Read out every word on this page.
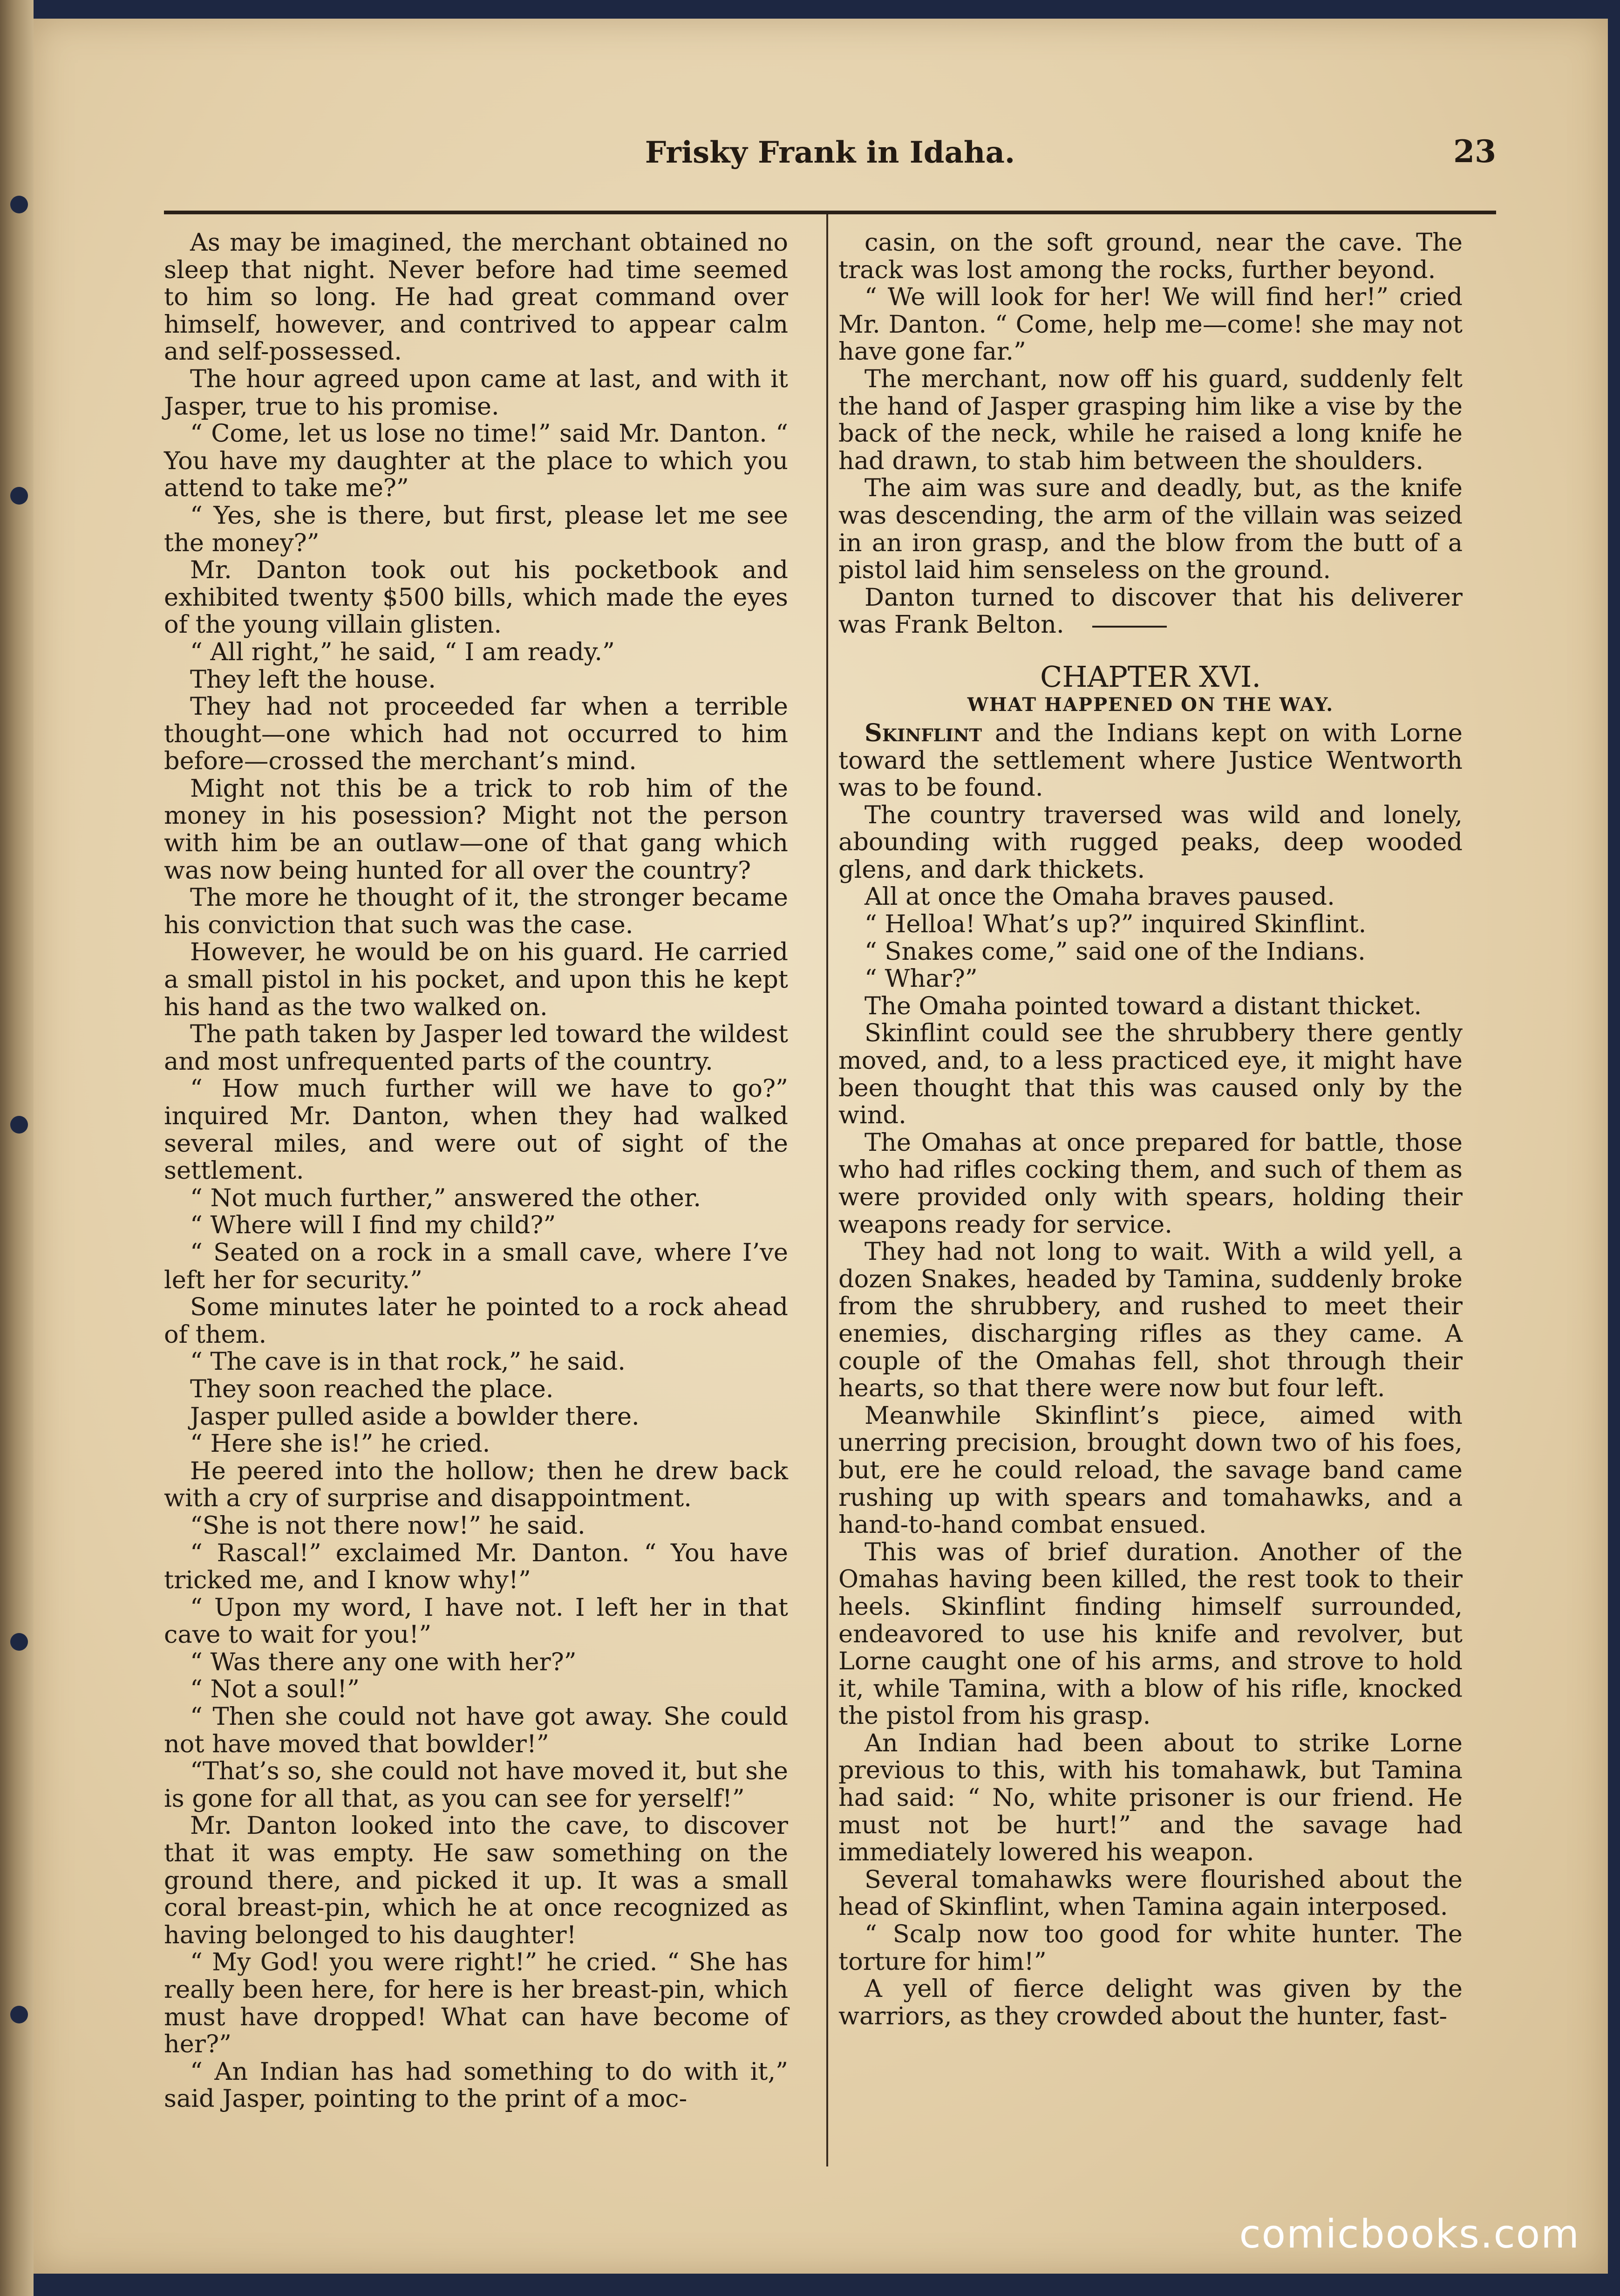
Frisky Frank in Idaha.	23

As may be imagined, the merchant obtained no sleep that night. Never before had time seemed to him so long. He had great command over himself, however, and contrived to appear calm and self-possessed.

The hour agreed upon came at last, and with it Jasper, true to his promise.

“ Come, let us lose no time!” said Mr. Danton. “ You have my daughter at the place to which you attend to take me?”

“ Yes, she is there, but first, please let me see the money?”

Mr. Danton took out his pocketbook and exhibited twenty $500 bills, which made the eyes of the young villain glisten.

“ All right,” he said, “ I am ready.”

They left the house.

They had not proceeded far when a terrible thought—one which had not occurred to him before—crossed the merchant’s mind.

Might not this be a trick to rob him of the money in his posession? Might not the person with him be an outlaw—one of that gang which was now being hunted for all over the country?

The more he thought of it, the stronger became his conviction that such was the case.

However, he would be on his guard. He carried a small pistol in his pocket, and upon this he kept his hand as the two walked on.

The path taken by Jasper led toward the wildest and most unfrequented parts of the country.

“ How much further will we have to go?” inquired Mr. Danton, when they had walked several miles, and were out of sight of the settlement.

“ Not much further,” answered the other.

“ Where will I find my child?”

“ Seated on a rock in a small cave, where I’ve left her for security.”

Some minutes later he pointed to a rock ahead of them.

“ The cave is in that rock,” he said.

They soon reached the place.

Jasper pulled aside a bowlder there.

“ Here she is!” he cried.

He peered into the hollow; then he drew back with a cry of surprise and disappointment.

“She is not there now!” he said.

“ Rascal!” exclaimed Mr. Danton. “ You have tricked me, and I know why!”

“ Upon my word, I have not. I left her in that cave to wait for you!”

“ Was there any one with her?”

“ Not a soul!”

“ Then she could not have got away. She could not have moved that bowlder!”

“That’s so, she could not have moved it, but she is gone for all that, as you can see for yerself!”

Mr. Danton looked into the cave, to discover that it was empty. He saw something on the ground there, and picked it up. It was a small coral breast-pin, which he at once recognized as having belonged to his daughter!

“ My God! you were right!” he cried. “ She has really been here, for here is her breast-pin, which must have dropped! What can have become of her?”

“ An Indian has had something to do with it,” said Jasper, pointing to the print of a moc-

casin, on the soft ground, near the cave. The track was lost among the rocks, further beyond.

“ We will look for her! We will find her!” cried Mr. Danton. “ Come, help me—come! she may not have gone far.”

The merchant, now off his guard, suddenly felt the hand of Jasper grasping him like a vise by the back of the neck, while he raised a long knife he had drawn, to stab him between the shoulders.

The aim was sure and deadly, but, as the knife was descending, the arm of the villain was seized in an iron grasp, and the blow from the butt of a pistol laid him senseless on the ground.

Danton turned to discover that his deliverer was Frank Belton.

CHAPTER XVI.
WHAT HAPPENED ON THE WAY.

Skinflint and the Indians kept on with Lorne toward the settlement where Justice Wentworth was to be found.

The country traversed was wild and lonely, abounding with rugged peaks, deep wooded glens, and dark thickets.

All at once the Omaha braves paused.

“ Helloa! What’s up?” inquired Skinflint.

“ Snakes come,” said one of the Indians.

“ Whar?”

The Omaha pointed toward a distant thicket.

Skinflint could see the shrubbery there gently moved, and, to a less practiced eye, it might have been thought that this was caused only by the wind.

The Omahas at once prepared for battle, those who had rifles cocking them, and such of them as were provided only with spears, holding their weapons ready for service.

They had not long to wait. With a wild yell, a dozen Snakes, headed by Tamina, suddenly broke from the shrubbery, and rushed to meet their enemies, discharging rifles as they came. A couple of the Omahas fell, shot through their hearts, so that there were now but four left.

Meanwhile Skinflint’s piece, aimed with unerring precision, brought down two of his foes, but, ere he could reload, the savage band came rushing up with spears and tomahawks, and a hand-to-hand combat ensued.

This was of brief duration. Another of the Omahas having been killed, the rest took to their heels. Skinflint finding himself surrounded, endeavored to use his knife and revolver, but Lorne caught one of his arms, and strove to hold it, while Tamina, with a blow of his rifle, knocked the pistol from his grasp.

An Indian had been about to strike Lorne previous to this, with his tomahawk, but Tamina had said: “ No, white prisoner is our friend. He must not be hurt!” and the savage had immediately lowered his weapon.

Several tomahawks were flourished about the head of Skinflint, when Tamina again interposed.

“ Scalp now too good for white hunter. The torture for him!”

A yell of fierce delight was given by the warriors, as they crowded about the hunter, fast-

comicbooks.com
